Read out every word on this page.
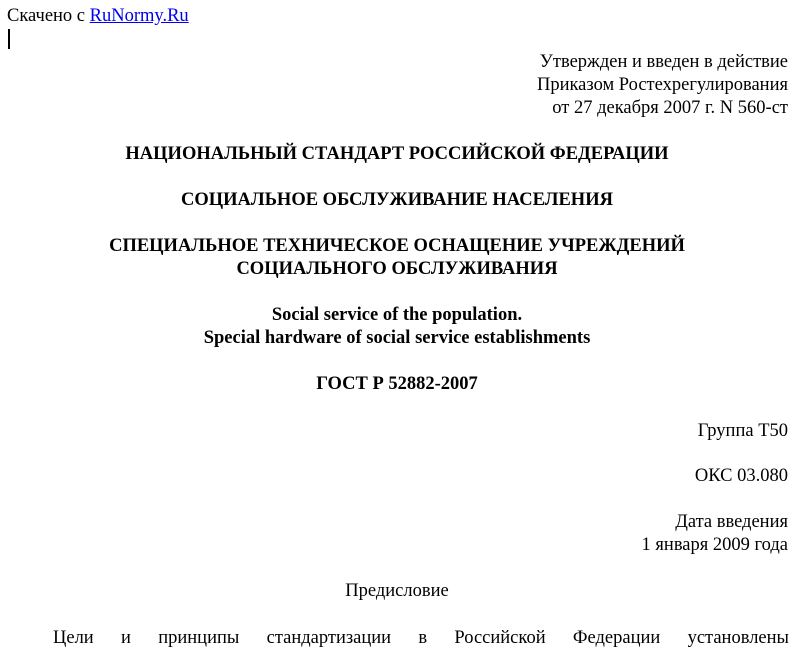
Скачено с RuNormy.Ru
Утвержден и введен в действие
Приказом Ростехрегулирования
от 27 декабря 2007 г. N 560-ст
НАЦИОНАЛЬНЫЙ СТАНДАРТ РОССИЙСКОЙ ФЕДЕРАЦИИ
СОЦИАЛЬНОЕ ОБСЛУЖИВАНИЕ НАСЕЛЕНИЯ
СПЕЦИАЛЬНОЕ ТЕХНИЧЕСКОЕ ОСНАЩЕНИЕ УЧРЕЖДЕНИЙ
СОЦИАЛЬНОГО ОБСЛУЖИВАНИЯ
Social service of the population.
Special hardware of social service establishments
ГОСТ Р 52882-2007
Группа Т50
ОКС 03.080
Дата введения
1 января 2009 года
Предисловие
Цели и принципы стандартизации в Российской Федерации установлены
